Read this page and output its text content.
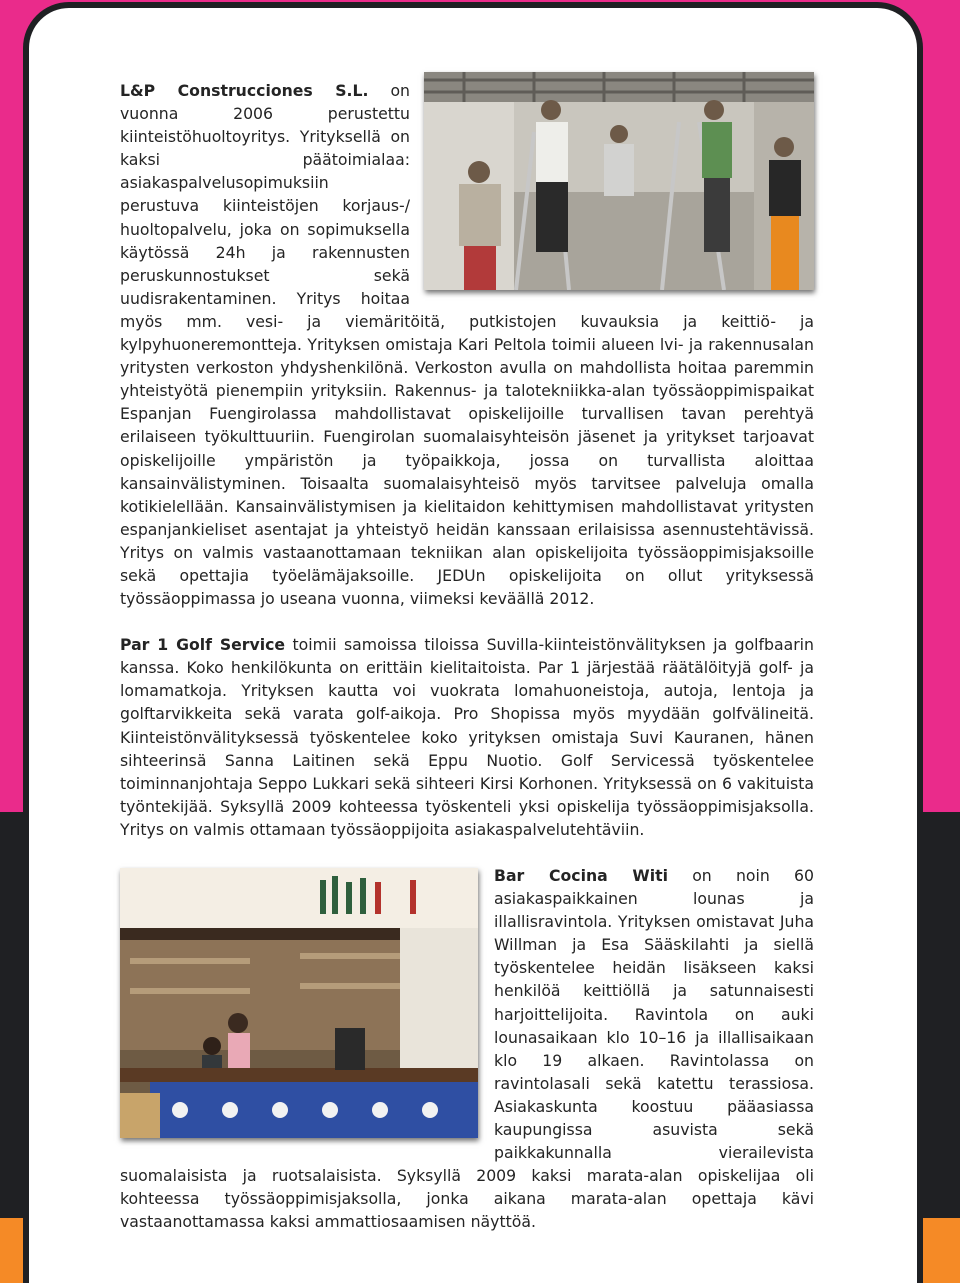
L&P Construcciones S.L. on vuonna 2006 perustettu kiinteistöhuoltoyritys. Yrityksellä on kaksi päätoimialaa: asiakaspalvelusopimuksiin perustuva kiinteistöjen korjaus-/ huoltopalvelu, joka on sopimuksella käytössä 24h ja rakennusten peruskunnostukset sekä uudisrakentaminen. Yritys hoitaa myös mm. vesi- ja viemäritöitä, putkistojen kuvauksia ja keittiö- ja kylpyhuoneremontteja. Yrityksen omistaja Kari Peltola toimii alueen lvi- ja rakennusalan yritysten verkoston yhdyshenkilönä. Verkoston avulla on mahdollista hoitaa paremmin yhteistyötä pienempiin yrityksiin. Rakennus- ja talotekniikka-alan työssäoppimispaikat Espanjan Fuengirolassa mahdollistavat opiskelijoille turvallisen tavan perehtyä erilaiseen työkulttuuriin. Fuengirolan suomalaisyhteisön jäsenet ja yritykset tarjoavat opiskelijoille ympäristön ja työpaikkoja, jossa on turvallista aloittaa kansainvälistyminen. Toisaalta suomalaisyhteisö myös tarvitsee palveluja omalla kotikielellään. Kansainvälistymisen ja kielitaidon kehittymisen mahdollistavat yritysten espanjankieliset asentajat ja yhteistyö heidän kanssaan erilaisissa asennustehtävissä. Yritys on valmis vastaanottamaan tekniikan alan opiskelijoita työssäoppimisjaksoille sekä opettajia työelämäjaksoille. JEDUn opiskelijoita on ollut yrityksessä työssäoppimassa jo useana vuonna, viimeksi keväällä 2012.

Par 1 Golf Service toimii samoissa tiloissa Suvilla-kiinteistönvälityksen ja golfbaarin kanssa. Koko henkilökunta on erittäin kielitaitoista. Par 1 järjestää räätälöityjä golf- ja lomamatkoja. Yrityksen kautta voi vuokrata lomahuoneistoja, autoja, lentoja ja golftarvikkeita sekä varata golf-aikoja. Pro Shopissa myös myydään golfvälineitä. Kiinteistönvälityksessä työskentelee koko yrityksen omistaja Suvi Kauranen, hänen sihteerinsä Sanna Laitinen sekä Eppu Nuotio. Golf Servicessä työskentelee toiminnanjohtaja Seppo Lukkari sekä sihteeri Kirsi Korhonen. Yrityksessä on 6 vakituista työntekijää. Syksyllä 2009 kohteessa työskenteli yksi opiskelija työssäoppimisjaksolla. Yritys on valmis ottamaan työssäoppijoita asiakaspalvelutehtäviin.

Bar Cocina Witi on noin 60 asiakaspaikkainen lounas ja illallisravintola. Yrityksen omistavat Juha Willman ja Esa Sääskilahti ja siellä työskentelee heidän lisäkseen kaksi henkilöä keittiöllä ja satunnaisesti harjoittelijoita. Ravintola on auki lounasaikaan klo 10–16 ja illallisaikaan klo 19 alkaen. Ravintolassa on ravintolasali sekä katettu terassiosa. Asiakaskunta koostuu pääasiassa kaupungissa asuvista sekä paikkakunnalla vierailevista suomalaisista ja ruotsalaisista. Syksyllä 2009 kaksi marata-alan opiskelijaa oli kohteessa työssäoppimisjaksolla, jonka aikana marata-alan opettaja kävi vastaanottamassa kaksi ammattiosaamisen näyttöä.
